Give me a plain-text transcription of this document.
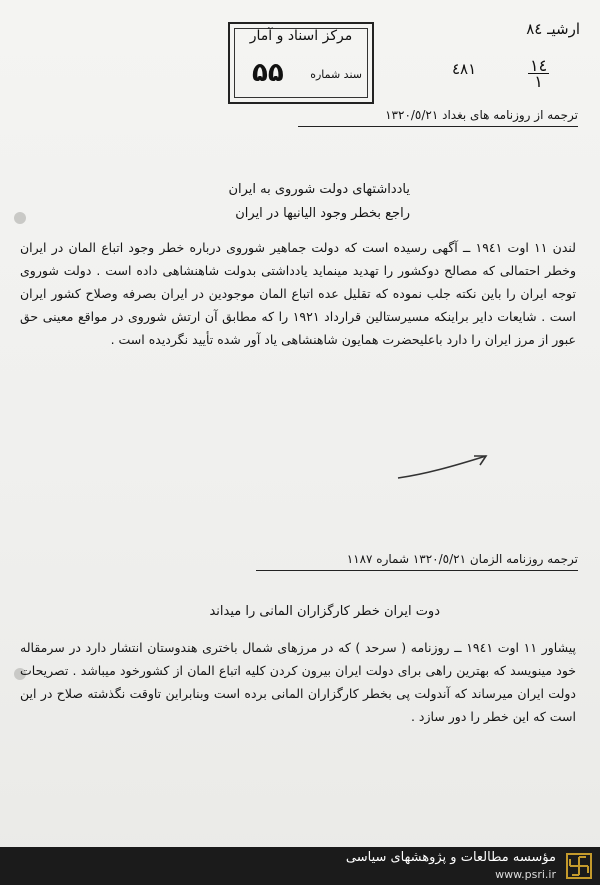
مرکز اسناد و آمار
سند شماره
۵۵
ارشیـ ۸٤
٤٨١	١٤
١
ترجمه از روزنامه های بغداد ١٣٢٠/٥/٢١
یادداشتهای دولت شوروی به ایران
راجع بخطر وجود الیانیها در ایران
لندن ١١ اوت ١٩٤١ ــ آگهی رسیده است که دولت جماهیر شوروی درباره خطر وجود اتباع المان در ایران وخطر احتمالی که مصالح دوکشور را تهدید مینماید یادداشتی بدولت شاهنشاهی داده است . دولت شوروی توجه ایران را باین نکته جلب نموده که تقلیل عده اتباع المان موجودین در ایران بصرفه وصلاح کشور ایران است . شایعات دایر براینکه مسیرستالین قرارداد ١٩٢١ را که مطابق آن ارتش شوروی در مواقع معینی حق عبور از مرز ایران را دارد باعلیحضرت همایون شاهنشاهی یاد آور شده تأیید نگردیده است .
ترجمه روزنامه الزمان ١٣٢٠/٥/٢١ شماره ١١٨٧
دوت ایران خطر کارگزاران المانی را میداند
پیشاور ١١ اوت ١٩٤١ ــ روزنامه ( سرحد ) که در مرزهای شمال باختری هندوستان انتشار دارد در سرمقاله خود مینویسد که بهترین راهی برای دولت ایران بیرون کردن کلیه اتباع المان از کشورخود میباشد . تصریحات دولت ایران میرساند که آندولت پی بخطر کارگزاران المانی برده است وبنابراین تاوقت نگذشته صلاح در این است که این خطر را دور سازد .
مؤسسه مطالعات و پژوهشهای سیاسی
www.psri.ir
